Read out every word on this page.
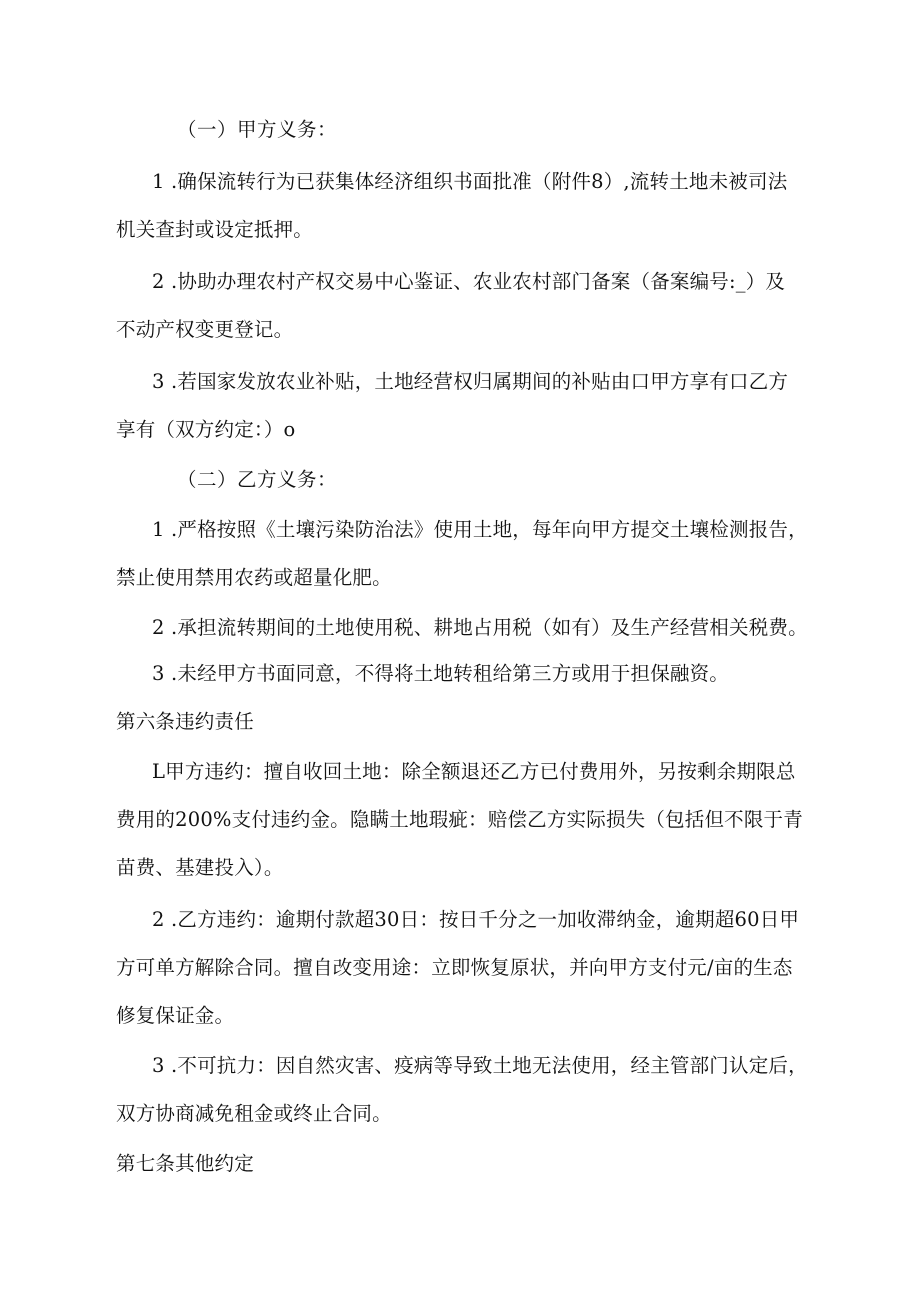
（一）甲方义务：
1 .确保流转行为已获集体经济组织书面批准（附件8）,流转土地未被司法
机关查封或设定抵押。
2 .协助办理农村产权交易中心鉴证、农业农村部门备案（备案编号:_）及
不动产权变更登记。
3 .若国家发放农业补贴，土地经营权归属期间的补贴由口甲方享有口乙方
享有（双方约定：）o
（二）乙方义务：
1 .严格按照《土壤污染防治法》使用土地，每年向甲方提交土壤检测报告，
禁止使用禁用农药或超量化肥。
2 .承担流转期间的土地使用税、耕地占用税（如有）及生产经营相关税费。
3 .未经甲方书面同意，不得将土地转租给第三方或用于担保融资。
第六条违约责任
L甲方违约：擅自收回土地：除全额退还乙方已付费用外，另按剩余期限总
费用的200%支付违约金。隐瞒土地瑕疵：赔偿乙方实际损失（包括但不限于青
苗费、基建投入）。
2 .乙方违约：逾期付款超30日：按日千分之一加收滞纳金，逾期超60日甲
方可单方解除合同。擅自改变用途：立即恢复原状，并向甲方支付元/亩的生态
修复保证金。
3 .不可抗力：因自然灾害、疫病等导致土地无法使用，经主管部门认定后，
双方协商减免租金或终止合同。
第七条其他约定
